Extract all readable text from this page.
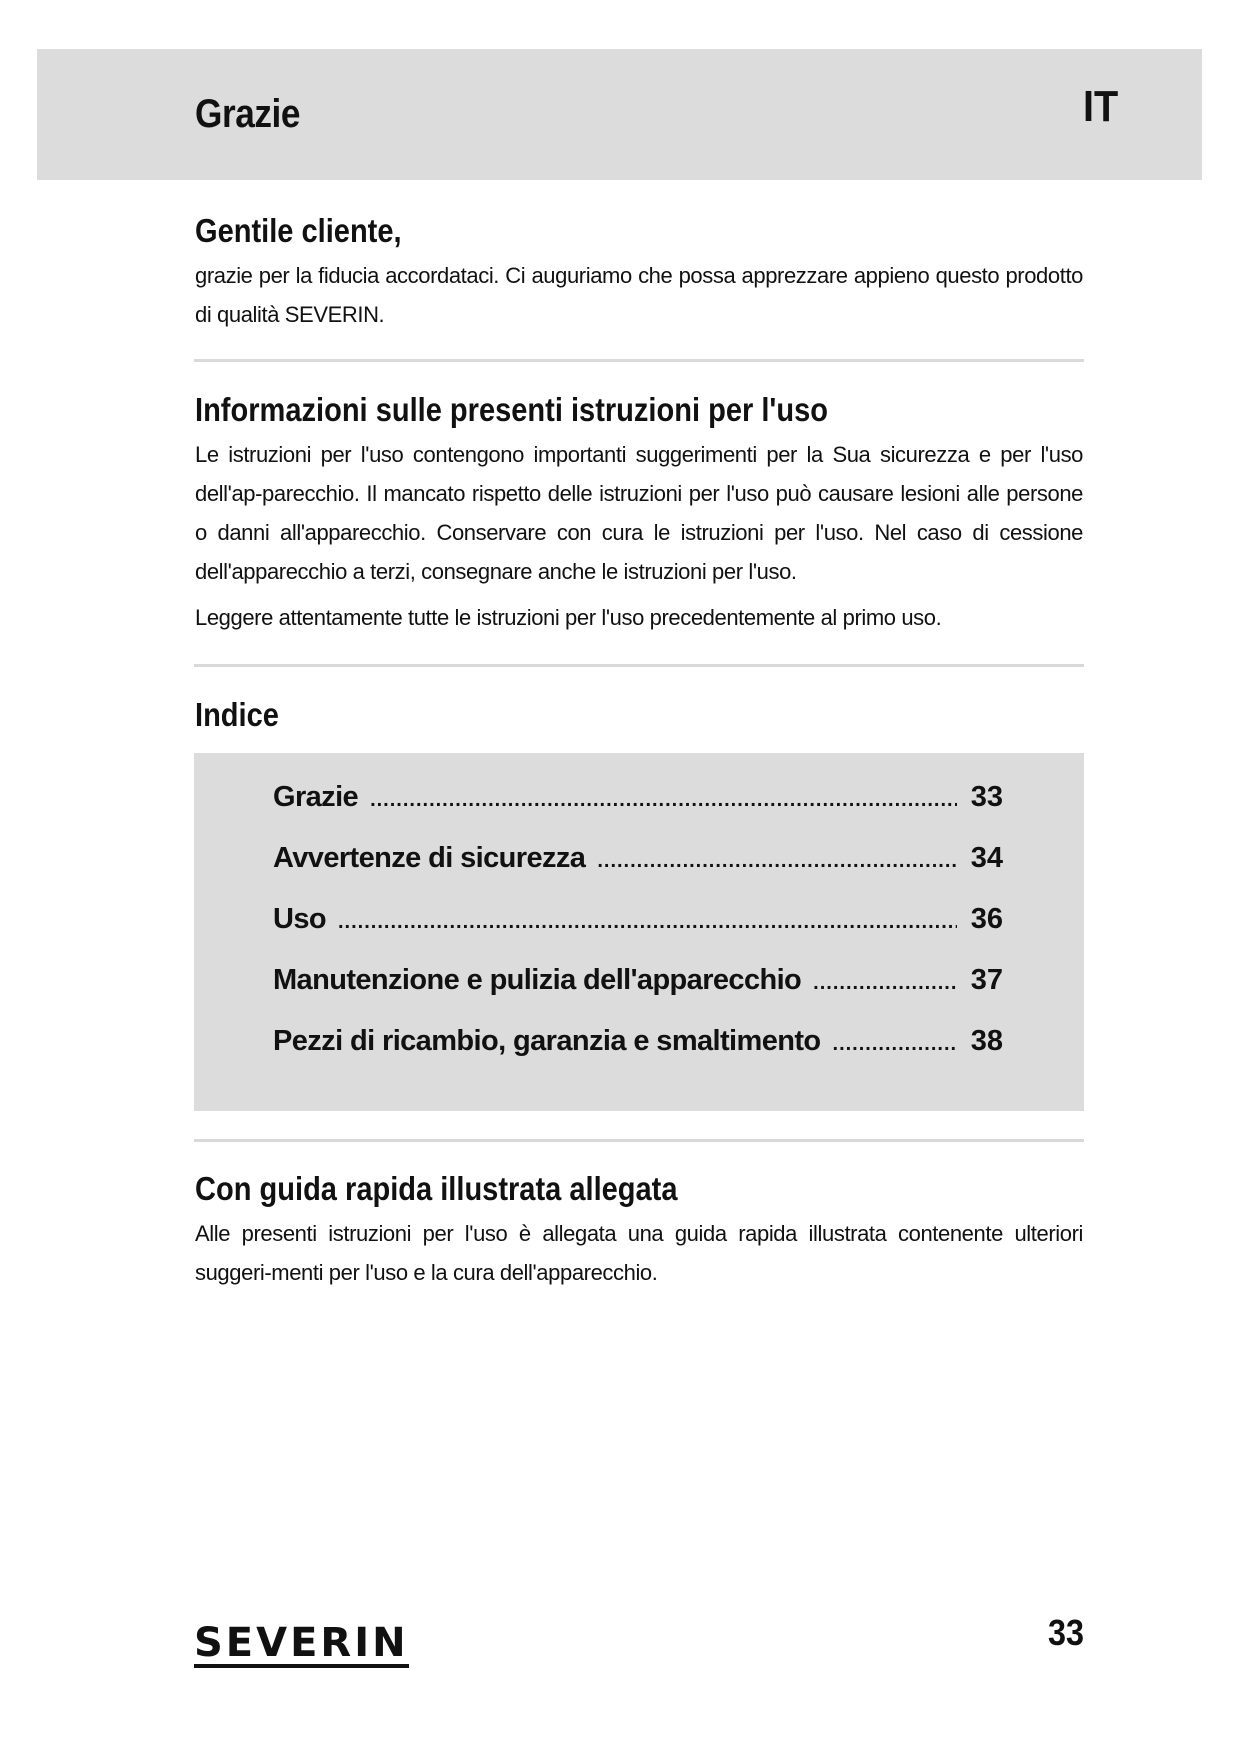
Grazie	IT
Gentile cliente,

grazie per la fiducia accordataci. Ci auguriamo che possa apprezzare appieno questo prodotto di qualità SEVERIN.

Informazioni sulle presenti istruzioni per l'uso

Le istruzioni per l'uso contengono importanti suggerimenti per la Sua sicurezza e per l'uso dell'ap-parecchio. Il mancato rispetto delle istruzioni per l'uso può causare lesioni alle persone o danni all'apparecchio. Conservare con cura le istruzioni per l'uso. Nel caso di cessione dell'apparecchio a terzi, consegnare anche le istruzioni per l'uso.

Leggere attentamente tutte le istruzioni per l'uso precedentemente al primo uso.

Indice
Grazie .....	33
Avvertenze di sicurezza .....	34
Uso .....	36
Manutenzione e pulizia dell'apparecchio .....	37
Pezzi di ricambio, garanzia e smaltimento .....	38
Con guida rapida illustrata allegata

Alle presenti istruzioni per l'uso è allegata una guida rapida illustrata contenente ulteriori suggeri-menti per l'uso e la cura dell'apparecchio.

SEVERIN	33
